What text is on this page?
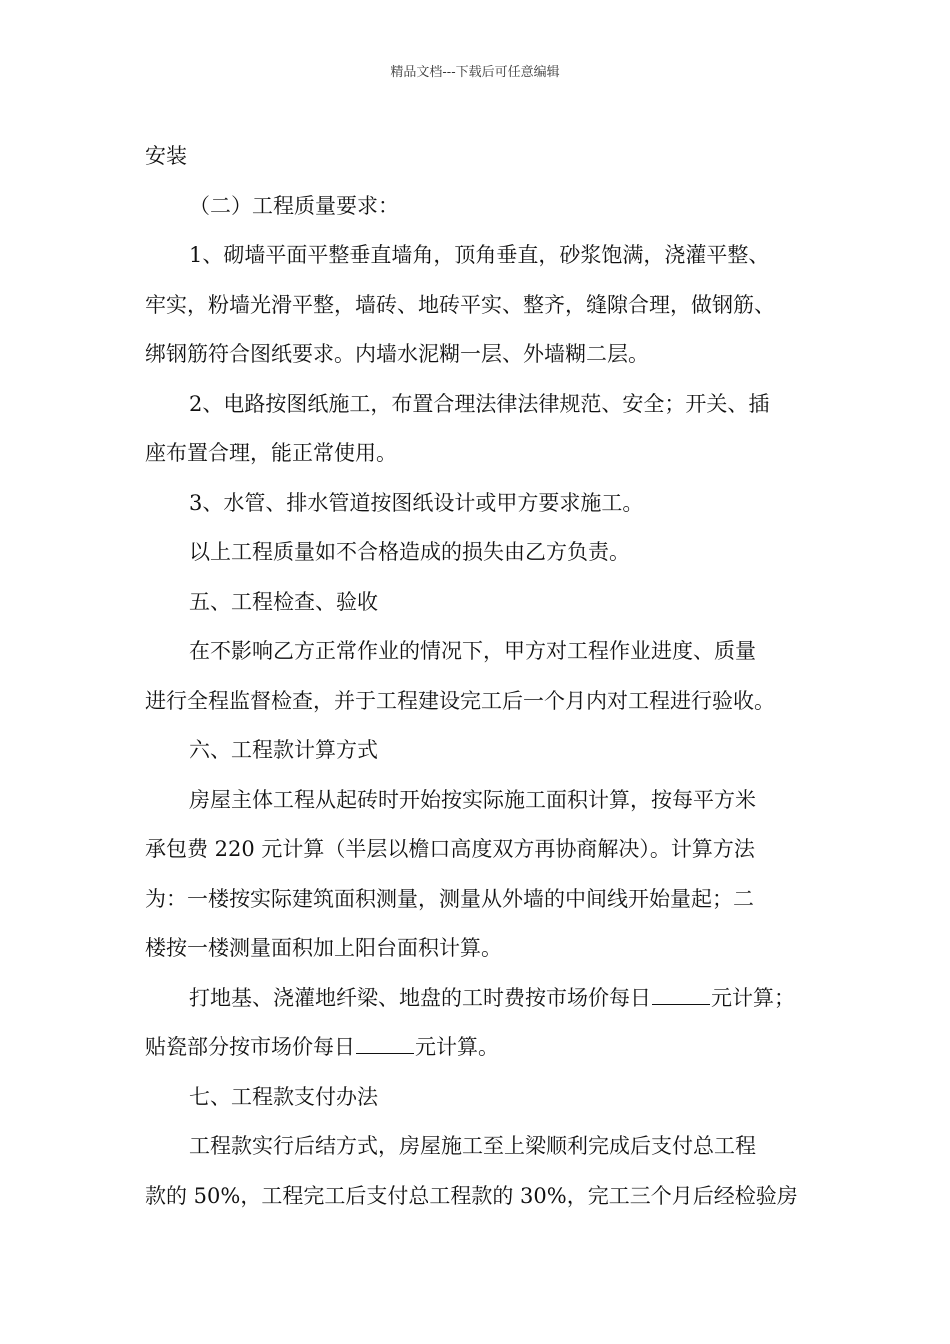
精品文档---下载后可任意编辑
安装
（二）工程质量要求：
1、砌墙平面平整垂直墙角，顶角垂直，砂浆饱满，浇灌平整、
牢实，粉墙光滑平整，墙砖、地砖平实、整齐，缝隙合理，做钢筋、
绑钢筋符合图纸要求。内墙水泥糊一层、外墙糊二层。
2、电路按图纸施工，布置合理法律法律规范、安全；开关、插
座布置合理，能正常使用。
3、水管、排水管道按图纸设计或甲方要求施工。
以上工程质量如不合格造成的损失由乙方负责。
五、工程检查、验收
在不影响乙方正常作业的情况下，甲方对工程作业进度、质量
进行全程监督检查，并于工程建设完工后一个月内对工程进行验收。
六、工程款计算方式
房屋主体工程从起砖时开始按实际施工面积计算，按每平方米
承包费 220 元计算（半层以檐口高度双方再协商解决）。计算方法
为：一楼按实际建筑面积测量，测量从外墙的中间线开始量起；二
楼按一楼测量面积加上阳台面积计算。
打地基、浇灌地纤梁、地盘的工时费按市场价每日	元计算；
贴瓷部分按市场价每日	元计算。
七、工程款支付办法
工程款实行后结方式，房屋施工至上梁顺利完成后支付总工程
款的 50%，工程完工后支付总工程款的 30%，完工三个月后经检验房
